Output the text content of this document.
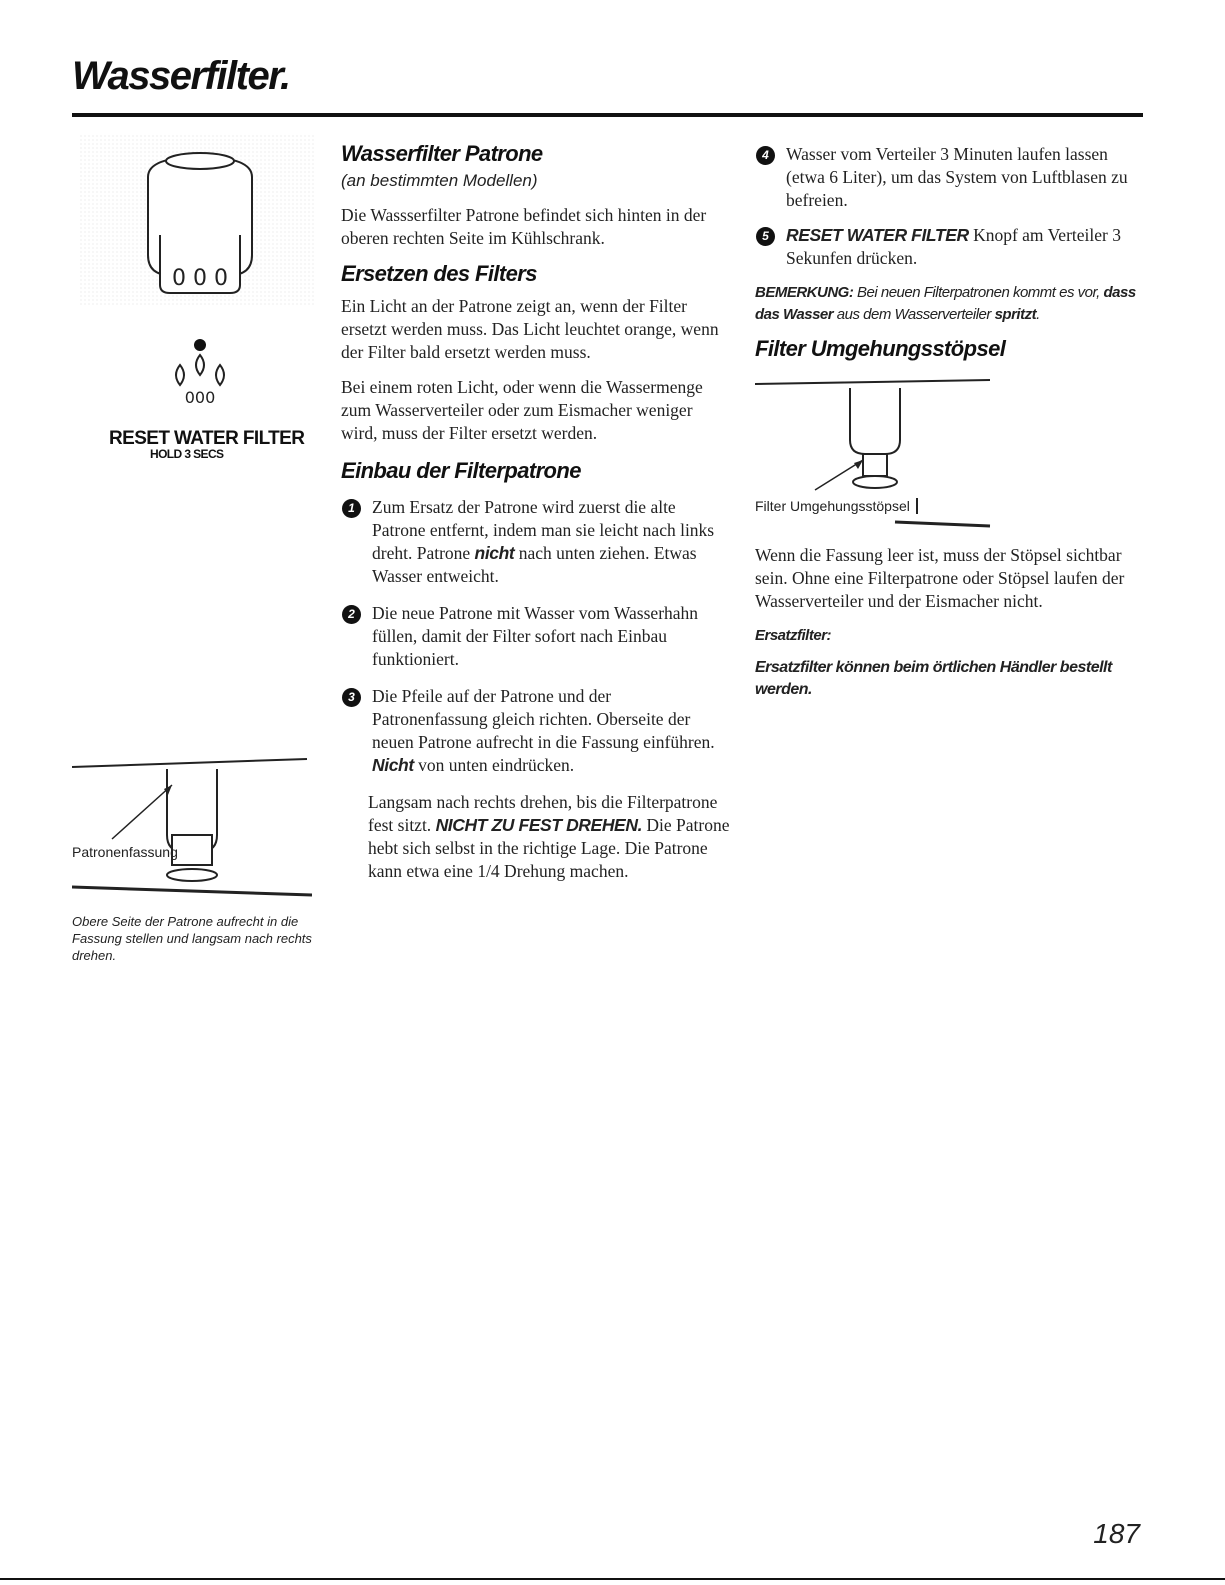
Wasserfilter.
0 0 0
000
RESET WATER FILTER
HOLD 3 SECS
Patronenfassung
Obere Seite der Patrone aufrecht in die Fassung stellen und langsam nach rechts drehen.
Wasserfilter Patrone
(an bestimmten Modellen)

Die Wassserfilter Patrone befindet sich hinten in der oberen rechten Seite im Kühlschrank.

Ersetzen des Filters

Ein Licht an der Patrone zeigt an, wenn der Filter ersetzt werden muss. Das Licht leuchtet orange, wenn der Filter bald ersetzt werden muss.

Bei einem roten Licht, oder wenn die Wassermenge zum Wasserverteiler oder zum Eismacher weniger wird, muss der Filter ersetzt werden.

Einbau der Filterpatrone
1 Zum Ersatz der Patrone wird zuerst die alte Patrone entfernt, indem man sie leicht nach links dreht. Patrone nicht nach unten ziehen. Etwas Wasser entweicht.
2 Die neue Patrone mit Wasser vom Wasserhahn füllen, damit der Filter sofort nach Einbau funktioniert.
3 Die Pfeile auf der Patrone und der Patronenfassung gleich richten. Oberseite der neuen Patrone aufrecht in die Fassung einführen. Nicht von unten eindrücken.
Langsam nach rechts drehen, bis die Filterpatrone fest sitzt. NICHT ZU FEST DREHEN. Die Patrone hebt sich selbst in the richtige Lage. Die Patrone kann etwa eine 1/4 Drehung machen.
4 Wasser vom Verteiler 3 Minuten laufen lassen (etwa 6 Liter), um das System von Luftblasen zu befreien.
5 RESET WATER FILTER Knopf am Verteiler 3 Sekunfen drücken.

BEMERKUNG: Bei neuen Filterpatronen kommt es vor, dass das Wasser aus dem Wasserverteiler spritzt.

Filter Umgehungsstöpsel
Filter Umgehungsstöpsel

Wenn die Fassung leer ist, muss der Stöpsel sichtbar sein. Ohne eine Filterpatrone oder Stöpsel laufen der Wasserverteiler und der Eismacher nicht.

Ersatzfilter:

Ersatzfilter können beim örtlichen Händler bestellt werden.

187
